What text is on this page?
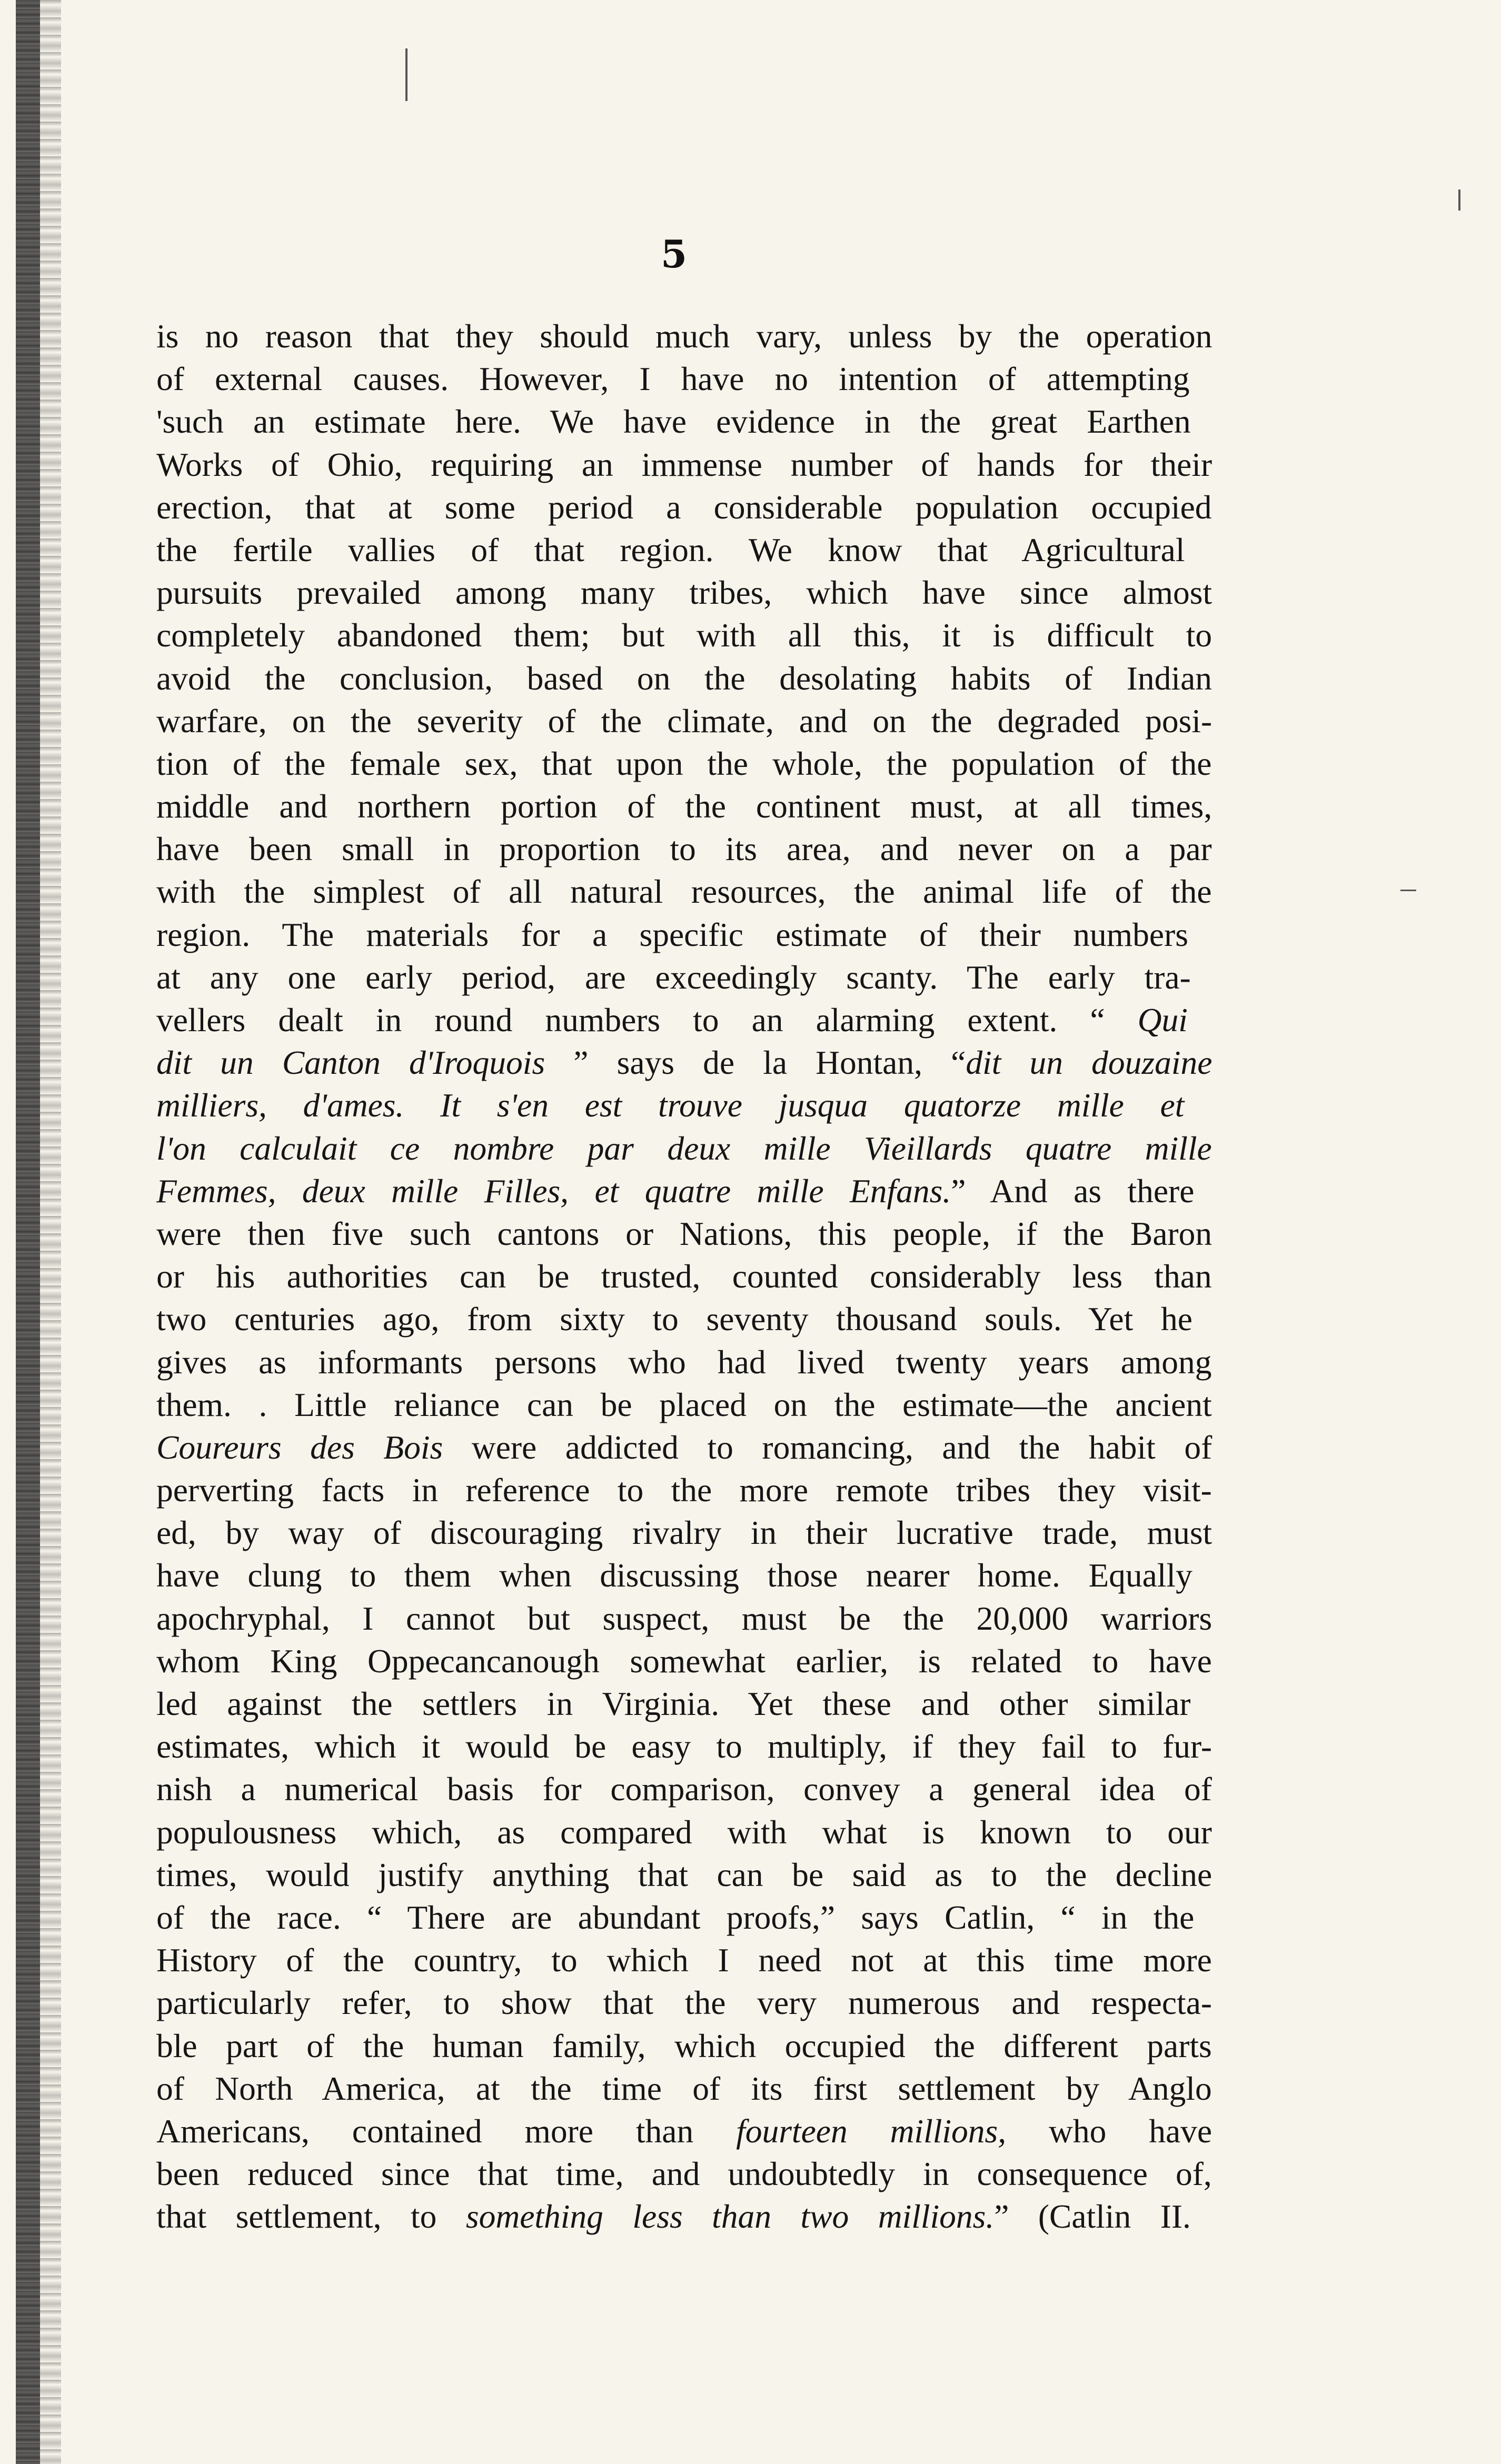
5
is no reason that they should much vary, unless by the operation
of external causes. However, I have no intention of attempting
'such an estimate here. We have evidence in the great Earthen
Works of Ohio, requiring an immense number of hands for their
erection, that at some period a considerable population occupied
the fertile vallies of that region. We know that Agricultural
pursuits prevailed among many tribes, which have since almost
completely abandoned them; but with all this, it is difficult to
avoid the conclusion, based on the desolating habits of Indian
warfare, on the severity of the climate, and on the degraded posi-
tion of the female sex, that upon the whole, the population of the
middle and northern portion of the continent must, at all times,
have been small in proportion to its area, and never on a par
with the simplest of all natural resources, the animal life of the
region. The materials for a specific estimate of their numbers
at any one early period, are exceedingly scanty. The early tra-
vellers dealt in round numbers to an alarming extent. “ Qui
dit un Canton d'Iroquois ” says de la Hontan, “dit un douzaine
milliers, d'ames. It s'en est trouve jusqua quatorze mille et
l'on calculait ce nombre par deux mille Vieillards quatre mille
Femmes, deux mille Filles, et quatre mille Enfans.” And as there
were then five such cantons or Nations, this people, if the Baron
or his authorities can be trusted, counted considerably less than
two centuries ago, from sixty to seventy thousand souls. Yet he
gives as informants persons who had lived twenty years among
them. . Little reliance can be placed on the estimate—the ancient
Coureurs des Bois were addicted to romancing, and the habit of
perverting facts in reference to the more remote tribes they visit-
ed, by way of discouraging rivalry in their lucrative trade, must
have clung to them when discussing those nearer home. Equally
apochryphal, I cannot but suspect, must be the 20,000 warriors
whom King Oppecancanough somewhat earlier, is related to have
led against the settlers in Virginia. Yet these and other similar
estimates, which it would be easy to multiply, if they fail to fur-
nish a numerical basis for comparison, convey a general idea of
populousness which, as compared with what is known to our
times, would justify anything that can be said as to the decline
of the race. “ There are abundant proofs,” says Catlin, “ in the
History of the country, to which I need not at this time more
particularly refer, to show that the very numerous and respecta-
ble part of the human family, which occupied the different parts
of North America, at the time of its first settlement by Anglo
Americans, contained more than fourteen millions, who have
been reduced since that time, and undoubtedly in consequence of,
that settlement, to something less than two millions.” (Catlin II.
